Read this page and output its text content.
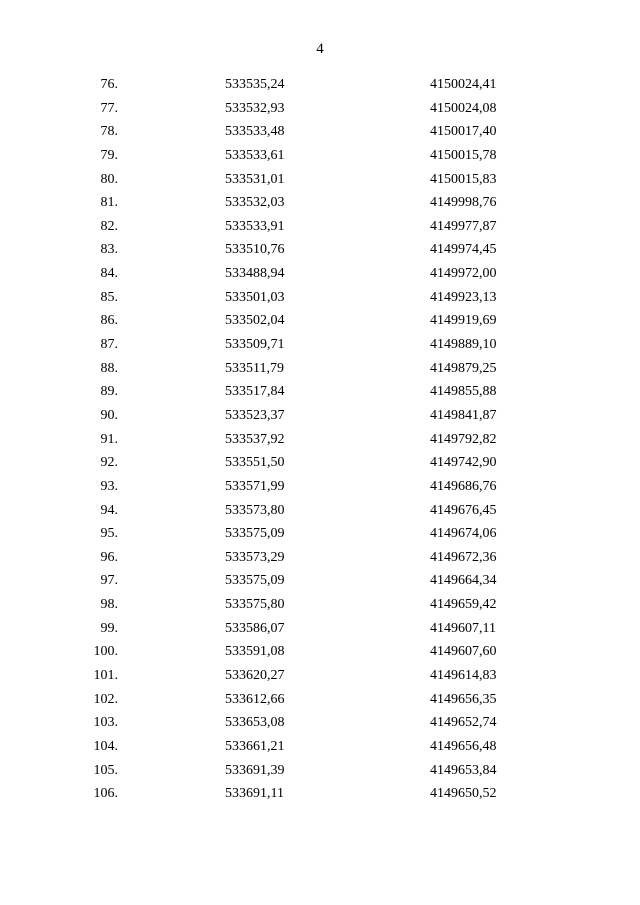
4
76.	533535,24	4150024,41
77.	533532,93	4150024,08
78.	533533,48	4150017,40
79.	533533,61	4150015,78
80.	533531,01	4150015,83
81.	533532,03	4149998,76
82.	533533,91	4149977,87
83.	533510,76	4149974,45
84.	533488,94	4149972,00
85.	533501,03	4149923,13
86.	533502,04	4149919,69
87.	533509,71	4149889,10
88.	533511,79	4149879,25
89.	533517,84	4149855,88
90.	533523,37	4149841,87
91.	533537,92	4149792,82
92.	533551,50	4149742,90
93.	533571,99	4149686,76
94.	533573,80	4149676,45
95.	533575,09	4149674,06
96.	533573,29	4149672,36
97.	533575,09	4149664,34
98.	533575,80	4149659,42
99.	533586,07	4149607,11
100.	533591,08	4149607,60
101.	533620,27	4149614,83
102.	533612,66	4149656,35
103.	533653,08	4149652,74
104.	533661,21	4149656,48
105.	533691,39	4149653,84
106.	533691,11	4149650,52
